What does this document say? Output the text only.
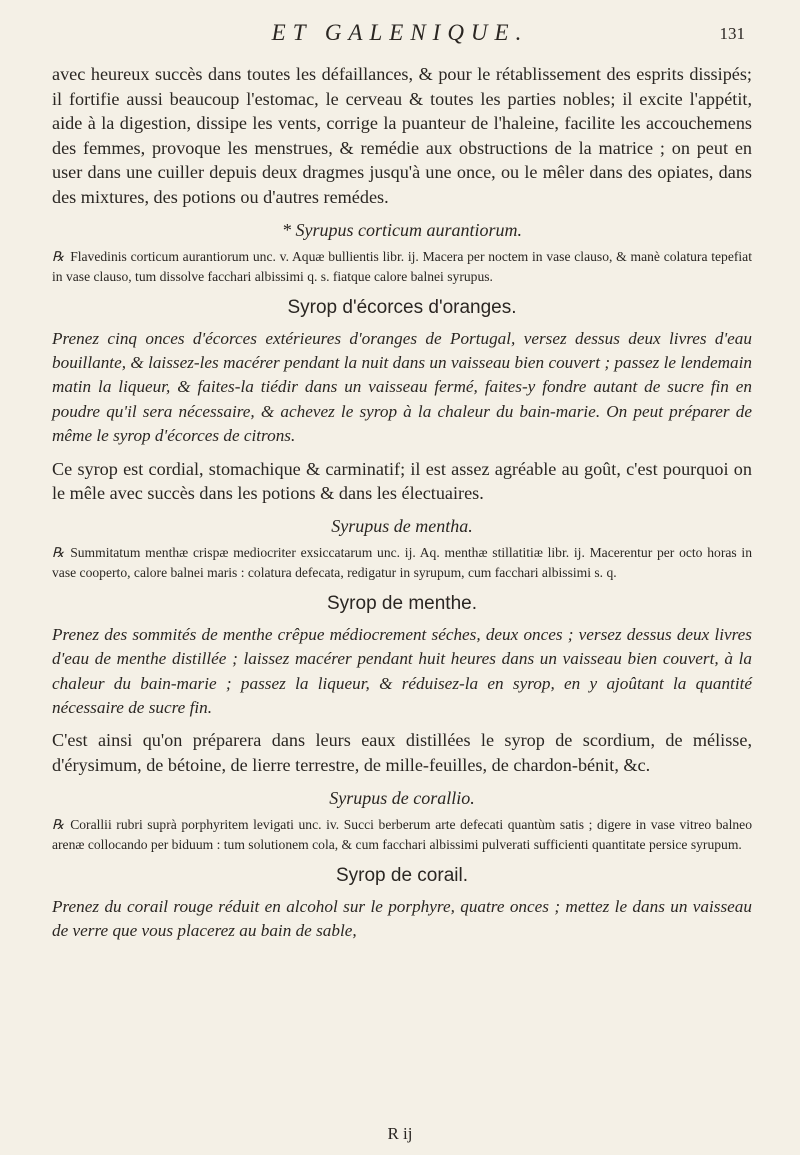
ET GALENIQUE.	131

avec heureux succès dans toutes les défaillances, & pour le rétablissement des esprits dissipés; il fortifie aussi beaucoup l'estomac, le cerveau & toutes les parties nobles; il excite l'appétit, aide à la digestion, dissipe les vents, corrige la puanteur de l'haleine, facilite les accouchemens des femmes, provoque les menstrues, & remédie aux obstructions de la matrice ; on peut en user dans une cuiller depuis deux dragmes jusqu'à une once, ou le mêler dans des opiates, dans des mixtures, des potions ou d'autres remédes.

* Syrupus corticum aurantiorum.

℞ Flavedinis corticum aurantiorum unc. v. Aquæ bullientis libr. ij. Macera per noctem in vase clauso, & manè colatura tepefiat in vase clauso, tum dissolve facchari albissimi q. s. fiatque calore balnei syrupus.

Syrop d'écorces d'oranges.

Prenez cinq onces d'écorces extérieures d'oranges de Portugal, versez dessus deux livres d'eau bouillante, & laissez-les macérer pendant la nuit dans un vaisseau bien couvert ; passez le lendemain matin la liqueur, & faites-la tiédir dans un vaisseau fermé, faites-y fondre autant de sucre fin en poudre qu'il sera nécessaire, & achevez le syrop à la chaleur du bain-marie. On peut préparer de même le syrop d'écorces de citrons.

Ce syrop est cordial, stomachique & carminatif; il est assez agréable au goût, c'est pourquoi on le mêle avec succès dans les potions & dans les électuaires.

Syrupus de mentha.

℞ Summitatum menthæ crispæ mediocriter exsiccatarum unc. ij. Aq. menthæ stillatitiæ libr. ij. Macerentur per octo horas in vase cooperto, calore balnei maris : colatura defecata, redigatur in syrupum, cum facchari albissimi s. q.

Syrop de menthe.

Prenez des sommités de menthe crêpue médiocrement séches, deux onces ; versez dessus deux livres d'eau de menthe distillée ; laissez macérer pendant huit heures dans un vaisseau bien couvert, à la chaleur du bain-marie ; passez la liqueur, & réduisez-la en syrop, en y ajoûtant la quantité nécessaire de sucre fin.

C'est ainsi qu'on préparera dans leurs eaux distillées le syrop de scordium, de mélisse, d'érysimum, de bétoine, de lierre terrestre, de mille-feuilles, de chardon-bénit, &c.

Syrupus de corallio.

℞ Corallii rubri suprà porphyritem levigati unc. iv. Succi berberum arte defecati quantùm satis ; digere in vase vitreo balneo arenæ collocando per biduum : tum solutionem cola, & cum facchari albissimi pulverati sufficienti quantitate persice syrupum.

Syrop de corail.

Prenez du corail rouge réduit en alcohol sur le porphyre, quatre onces ; mettez le dans un vaisseau de verre que vous placerez au bain de sable,

R ij
